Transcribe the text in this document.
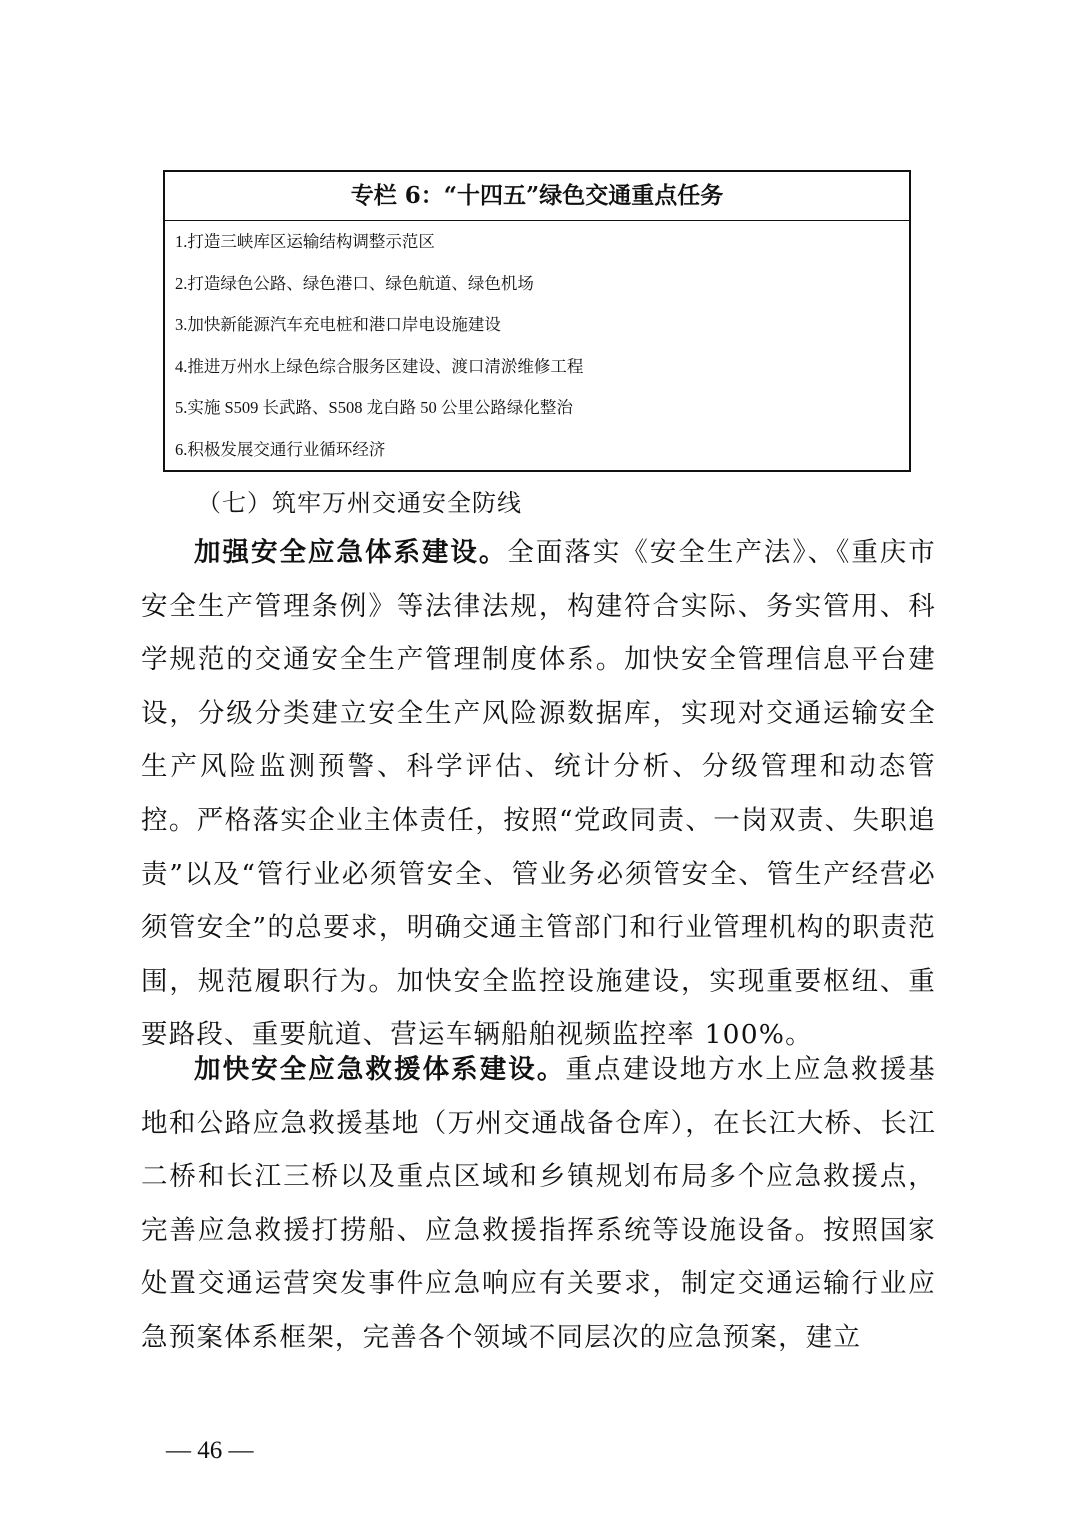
专栏 6：“十四五”绿色交通重点任务
1.打造三峡库区运输结构调整示范区
2.打造绿色公路、绿色港口、绿色航道、绿色机场
3.加快新能源汽车充电桩和港口岸电设施建设
4.推进万州水上绿色综合服务区建设、渡口清淤维修工程
5.实施 S509 长武路、S508 龙白路 50 公里公路绿化整治
6.积极发展交通行业循环经济
（七）筑牢万州交通安全防线

加强安全应急体系建设。全面落实《安全生产法》、《重庆市安全生产管理条例》等法律法规，构建符合实际、务实管用、科学规范的交通安全生产管理制度体系。加快安全管理信息平台建设，分级分类建立安全生产风险源数据库，实现对交通运输安全生产风险监测预警、科学评估、统计分析、分级管理和动态管控。严格落实企业主体责任，按照“党政同责、一岗双责、失职追责”以及“管行业必须管安全、管业务必须管安全、管生产经营必须管安全”的总要求，明确交通主管部门和行业管理机构的职责范围，规范履职行为。加快安全监控设施建设，实现重要枢纽、重要路段、重要航道、营运车辆船舶视频监控率 100%。

加快安全应急救援体系建设。重点建设地方水上应急救援基地和公路应急救援基地（万州交通战备仓库），在长江大桥、长江二桥和长江三桥以及重点区域和乡镇规划布局多个应急救援点，完善应急救援打捞船、应急救援指挥系统等设施设备。按照国家处置交通运营突发事件应急响应有关要求，制定交通运输行业应急预案体系框架，完善各个领域不同层次的应急预案，建立

— 46 —
